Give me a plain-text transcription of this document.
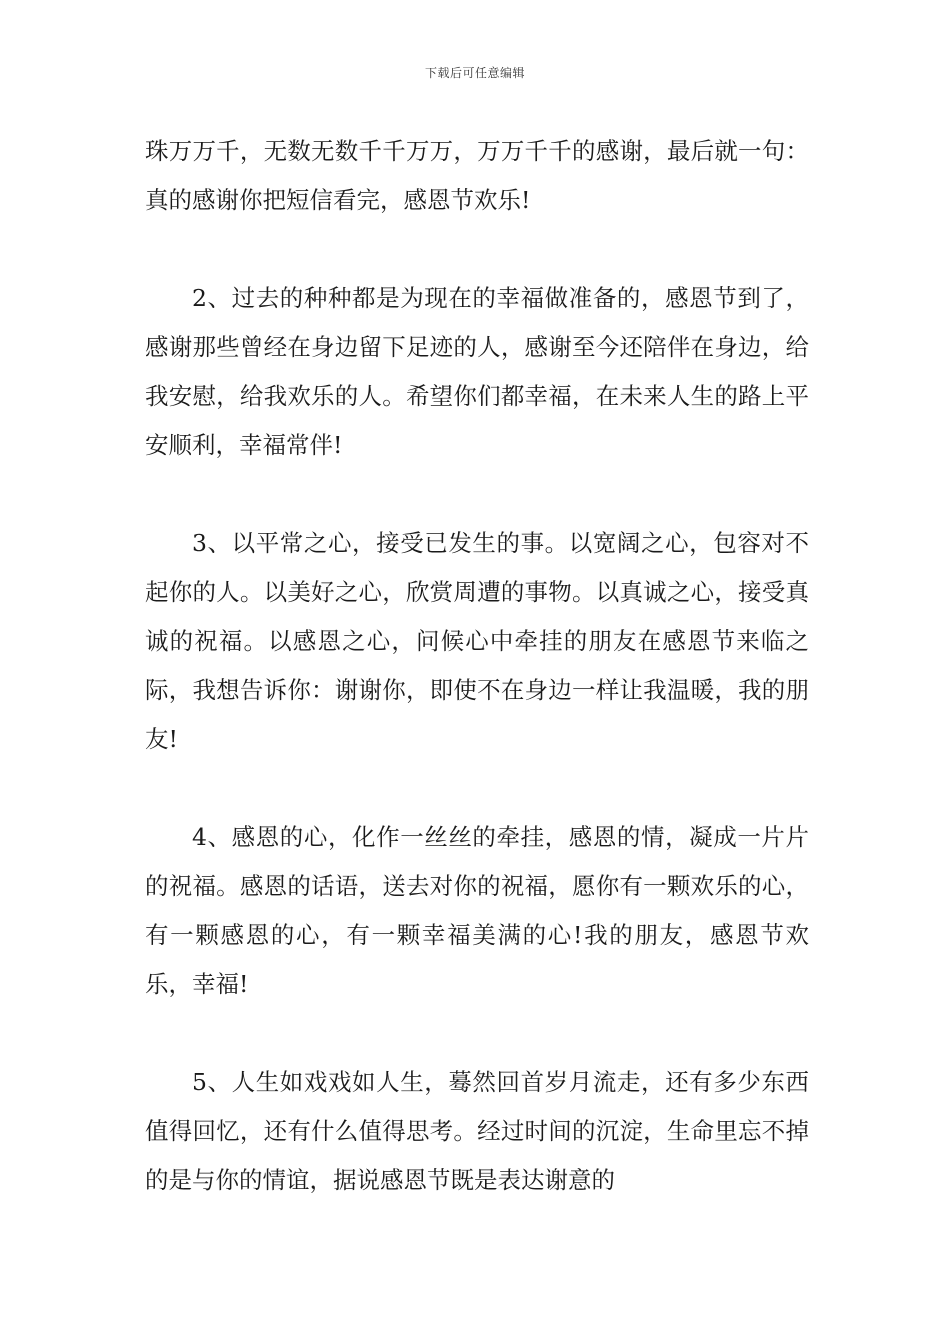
下载后可任意编辑

珠万万千，无数无数千千万万，万万千千的感谢，最后就一句：真的感谢你把短信看完，感恩节欢乐!

2、过去的种种都是为现在的幸福做准备的，感恩节到了，感谢那些曾经在身边留下足迹的人，感谢至今还陪伴在身边，给我安慰，给我欢乐的人。希望你们都幸福，在未来人生的路上平安顺利，幸福常伴!

3、以平常之心，接受已发生的事。以宽阔之心，包容对不起你的人。以美好之心，欣赏周遭的事物。以真诚之心，接受真诚的祝福。以感恩之心，问候心中牵挂的朋友在感恩节来临之际，我想告诉你：谢谢你，即使不在身边一样让我温暖，我的朋友!

4、感恩的心，化作一丝丝的牵挂，感恩的情，凝成一片片的祝福。感恩的话语，送去对你的祝福，愿你有一颗欢乐的心，有一颗感恩的心，有一颗幸福美满的心!我的朋友，感恩节欢乐，幸福!

5、人生如戏戏如人生，蓦然回首岁月流走，还有多少东西值得回忆，还有什么值得思考。经过时间的沉淀，生命里忘不掉的是与你的情谊，据说感恩节既是表达谢意的
